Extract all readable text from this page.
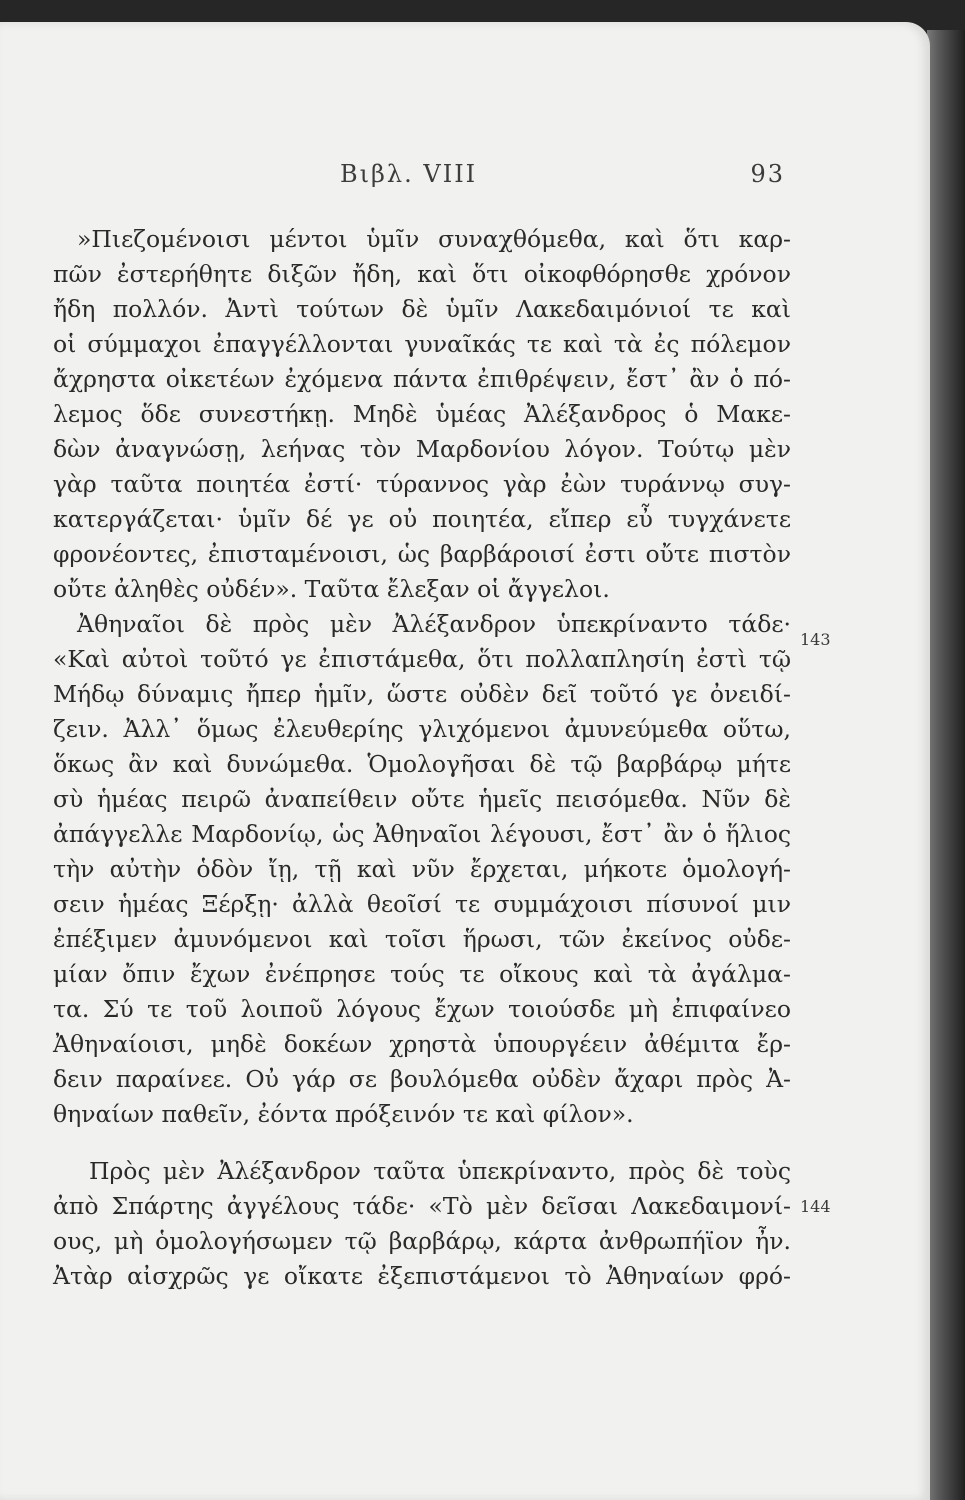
Βιβλ. VIII	93
»Πιεζομένοισι μέντοι ὑμῖν συναχθόμεθα, καὶ ὅτι καρ-
πῶν ἐστερήθητε διξῶν ἤδη, καὶ ὅτι οἰκοφθόρησθε χρόνον
ἤδη πολλόν. Ἀντὶ τούτων δὲ ὑμῖν Λακεδαιμόνιοί τε καὶ
οἱ σύμμαχοι ἐπαγγέλλονται γυναῖκάς τε καὶ τὰ ἐς πόλεμον
ἄχρηστα οἰκετέων ἐχόμενα πάντα ἐπιθρέψειν, ἔστ᾽ ἂν ὁ πό-
λεμος ὅδε συνεστήκῃ. Μηδὲ ὑμέας Ἀλέξανδρος ὁ Μακε-
δὼν ἀναγνώσῃ, λεήνας τὸν Μαρδονίου λόγον. Τούτῳ μὲν
γὰρ ταῦτα ποιητέα ἐστί· τύραννος γὰρ ἐὼν τυράννῳ συγ-
κατεργάζεται· ὑμῖν δέ γε οὐ ποιητέα, εἴπερ εὖ τυγχάνετε
φρονέοντες, ἐπισταμένοισι, ὡς βαρβάροισί ἐστι οὔτε πιστὸν
οὔτε ἀληθὲς οὐδέν». Ταῦτα ἔλεξαν οἱ ἄγγελοι.
Ἀθηναῖοι δὲ πρὸς μὲν Ἀλέξανδρον ὑπεκρίναντο τάδε·
«Καὶ αὐτοὶ τοῦτό γε ἐπιστάμεθα, ὅτι πολλαπλησίη ἐστὶ τῷ
Μήδῳ δύναμις ἤπερ ἡμῖν, ὥστε οὐδὲν δεῖ τοῦτό γε ὀνειδί-
ζειν. Ἀλλ᾽ ὅμως ἐλευθερίης γλιχόμενοι ἀμυνεύμεθα οὕτω,
ὅκως ἂν καὶ δυνώμεθα. Ὁμολογῆσαι δὲ τῷ βαρβάρῳ μήτε
σὺ ἡμέας πειρῶ ἀναπείθειν οὔτε ἡμεῖς πεισόμεθα. Νῦν δὲ
ἀπάγγελλε Μαρδονίῳ, ὡς Ἀθηναῖοι λέγουσι, ἔστ᾽ ἂν ὁ ἥλιος
τὴν αὐτὴν ὁδὸν ἴῃ, τῇ καὶ νῦν ἔρχεται, μήκοτε ὁμολογή-
σειν ἡμέας Ξέρξῃ· ἀλλὰ θεοῖσί τε συμμάχοισι πίσυνοί μιν
ἐπέξιμεν ἀμυνόμενοι καὶ τοῖσι ἥρωσι, τῶν ἐκείνος οὐδε-
μίαν ὄπιν ἔχων ἐνέπρησε τούς τε οἴκους καὶ τὰ ἀγάλμα-
τα. Σύ τε τοῦ λοιποῦ λόγους ἔχων τοιούσδε μὴ ἐπιφαίνεο
Ἀθηναίοισι, μηδὲ δοκέων χρηστὰ ὑπουργέειν ἀθέμιτα ἔρ-
δειν παραίνεε. Οὐ γάρ σε βουλόμεθα οὐδὲν ἄχαρι πρὸς Ἀ-
θηναίων παθεῖν, ἐόντα πρόξεινόν τε καὶ φίλον».
Πρὸς μὲν Ἀλέξανδρον ταῦτα ὑπεκρίναντο, πρὸς δὲ τοὺς
ἀπὸ Σπάρτης ἀγγέλους τάδε· «Τὸ μὲν δεῖσαι Λακεδαιμονί-
ους, μὴ ὁμολογήσωμεν τῷ βαρβάρῳ, κάρτα ἀνθρωπήϊον ἦν.
Ἀτὰρ αἰσχρῶς γε οἴκατε ἐξεπιστάμενοι τὸ Ἀθηναίων φρό-
143
144
